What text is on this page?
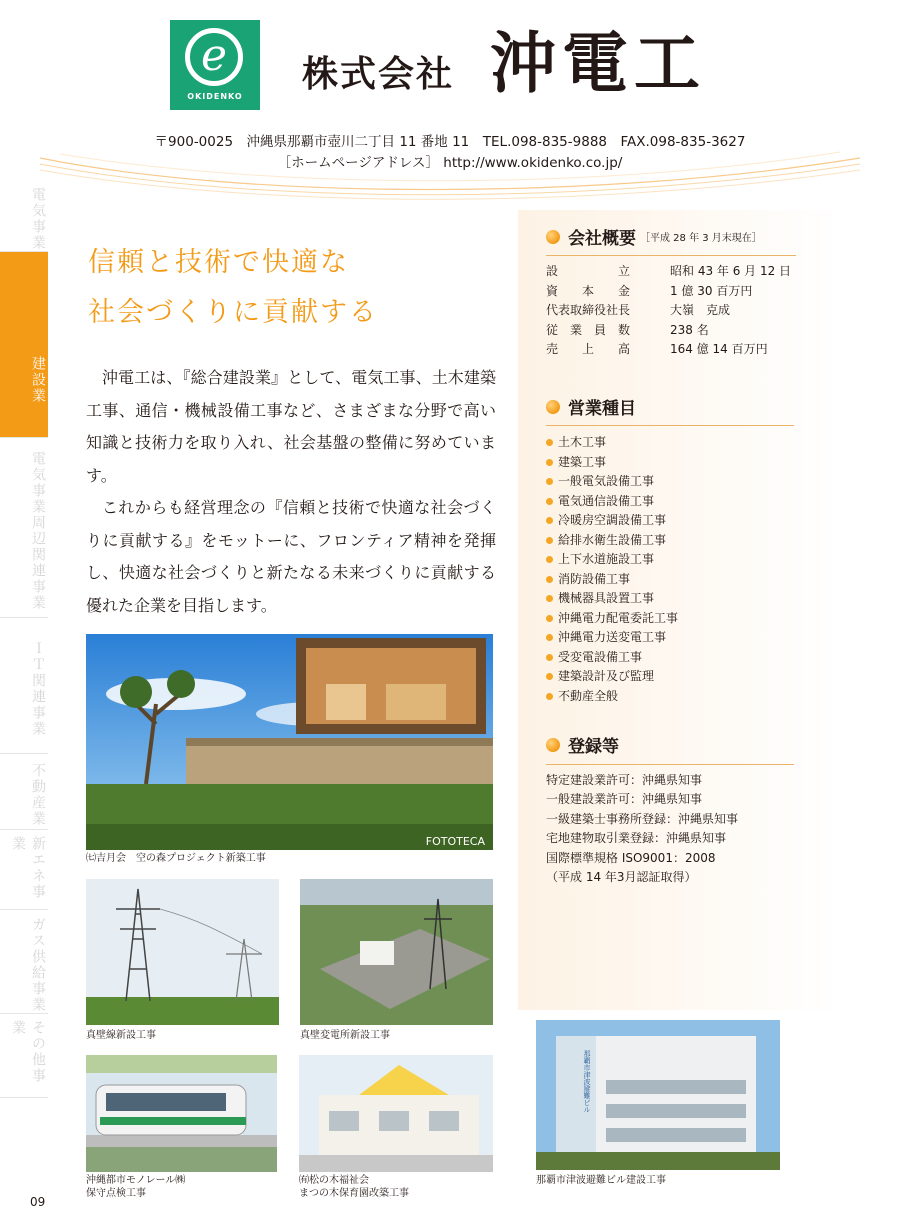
e
OKIDENKO
株式会社 沖電工
〒900-0025　沖縄県那覇市壺川二丁目 11 番地 11　TEL.098-835-9888　FAX.098-835-3627
［ホームページアドレス］ http://www.okidenko.co.jp/
電気事業
建設業
電気事業周辺関連事業
ＩＴ関連事業
不動産業
新エネ事業
ガス供給事業
その他事業
会社概要 ［平成 28 年 3 月末現在］
設立	昭和 43 年 6 月 12 日
資本金	1 億 30 百万円
代表取締役社長	大嶺　克成
従業員数	238 名
売上高	164 億 14 百万円
営業種目
土木工事
建築工事
一般電気設備工事
電気通信設備工事
冷暖房空調設備工事
給排水衛生設備工事
上下水道施設工事
消防設備工事
機械器具設置工事
沖縄電力配電委託工事
沖縄電力送変電工事
受変電設備工事
建築設計及び監理
不動産全般
登録等
特定建設業許可：沖縄県知事
一般建設業許可：沖縄県知事
一級建築士事務所登録：沖縄県知事
宅地建物取引業登録：沖縄県知事
国際標準規格 ISO9001：2008
（平成 14 年3月認証取得）
信頼と技術で快適な
社会づくりに貢献する

沖電工は、『総合建設業』として、電気工事、土木建築工事、通信・機械設備工事など、さまざまな分野で高い知識と技術力を取り入れ、社会基盤の整備に努めています。

これからも経営理念の『信頼と技術で快適な社会づくりに貢献する』をモットーに、フロンティア精神を発揮し、快適な社会づくりと新たなる未来づくりに貢献する優れた企業を目指します。

FOTOTECA
㈦吉月会　空の森プロジェクト新築工事
真壁線新設工事	真壁変電所新設工事
沖縄都市モノレール㈱
保守点検工事
㈲松の木福祉会
まつの木保育園改築工事
那覇市津波避難ビル
那覇市津波避難ビル建設工事
09
